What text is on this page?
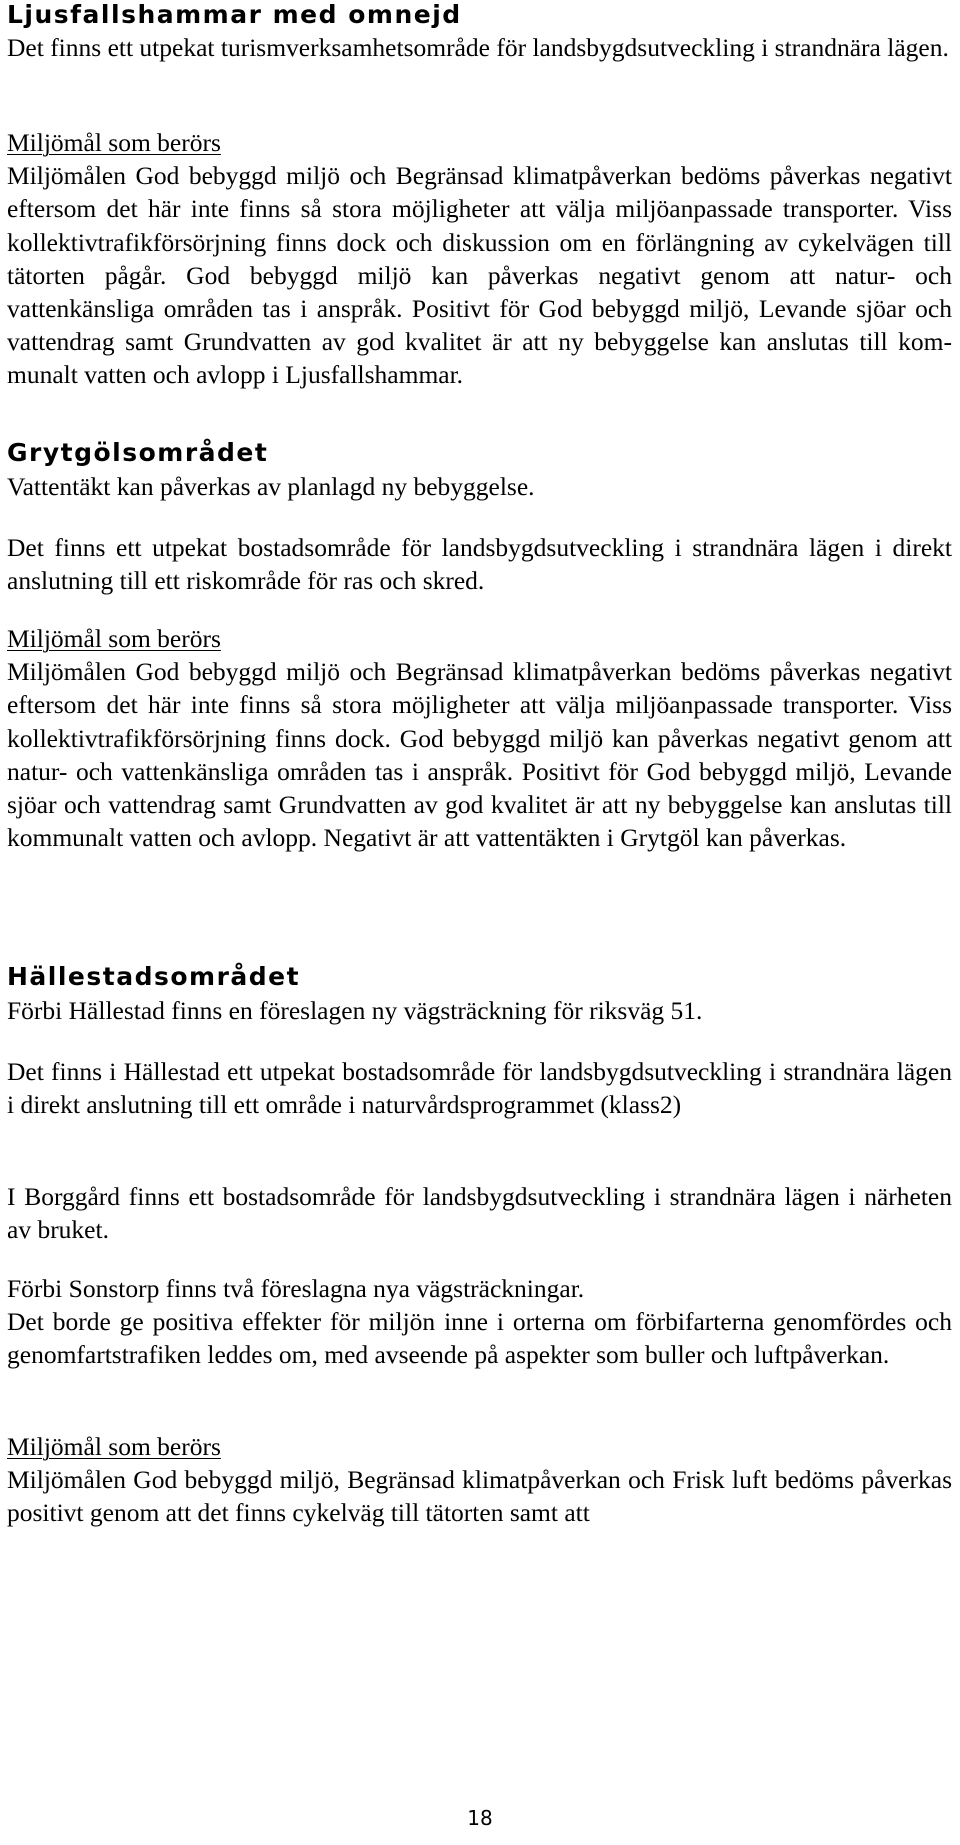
Ljusfallshammar med omnejd

Det finns ett utpekat turismverksamhetsområde för landsbygdsutveckling i strandnära lägen.

Miljömål som berörs

Miljömålen God bebyggd miljö och Begränsad klimatpåverkan bedöms påverkas negativt eftersom det här inte finns så stora möjligheter att välja miljöanpassade transporter. Viss kollektivtrafikförsörjning finns dock och diskussion om en förlängning av cykelvägen till tätorten pågår. God bebyggd miljö kan påverkas negativt genom att natur- och vattenkänsliga områden tas i anspråk. Positivt för God bebyggd miljö, Levande sjöar och vattendrag samt Grundvatten av god kvalitet är att ny bebyggelse kan anslutas till kommunalt vatten och avlopp i Ljusfallshammar.

Grytgölsområdet

Vattentäkt kan påverkas av planlagd ny bebyggelse.

Det finns ett utpekat bostadsområde för landsbygdsutveckling i strandnära lägen i direkt anslutning till ett riskområde för ras och skred.

Miljömål som berörs

Miljömålen God bebyggd miljö och Begränsad klimatpåverkan bedöms påverkas negativt eftersom det här inte finns så stora möjligheter att välja miljöanpassade transporter. Viss kollektivtrafikförsörjning finns dock. God bebyggd miljö kan påverkas negativt genom att natur- och vattenkänsliga områden tas i anspråk. Positivt för God bebyggd miljö, Levande sjöar och vattendrag samt Grundvatten av god kvalitet är att ny bebyggelse kan anslutas till kommunalt vatten och avlopp. Negativt är att vattentäkten i Grytgöl kan påverkas.

Hällestadsområdet

Förbi Hällestad finns en föreslagen ny vägsträckning för riksväg 51.

Det finns i Hällestad ett utpekat bostadsområde för landsbygdsutveckling i strandnära lägen i direkt anslutning till ett område i naturvårdsprogrammet (klass2)

I Borggård finns ett bostadsområde för landsbygdsutveckling i strandnära lägen i närheten av bruket.

Förbi Sonstorp finns två föreslagna nya vägsträckningar.

Det borde ge positiva effekter för miljön inne i orterna om förbifarterna genomfördes och genomfartstrafiken leddes om, med avseende på aspekter som buller och luftpåverkan.

Miljömål som berörs

Miljömålen God bebyggd miljö, Begränsad klimatpåverkan och Frisk luft bedöms påverkas positivt genom att det finns cykelväg till tätorten samt att

18
